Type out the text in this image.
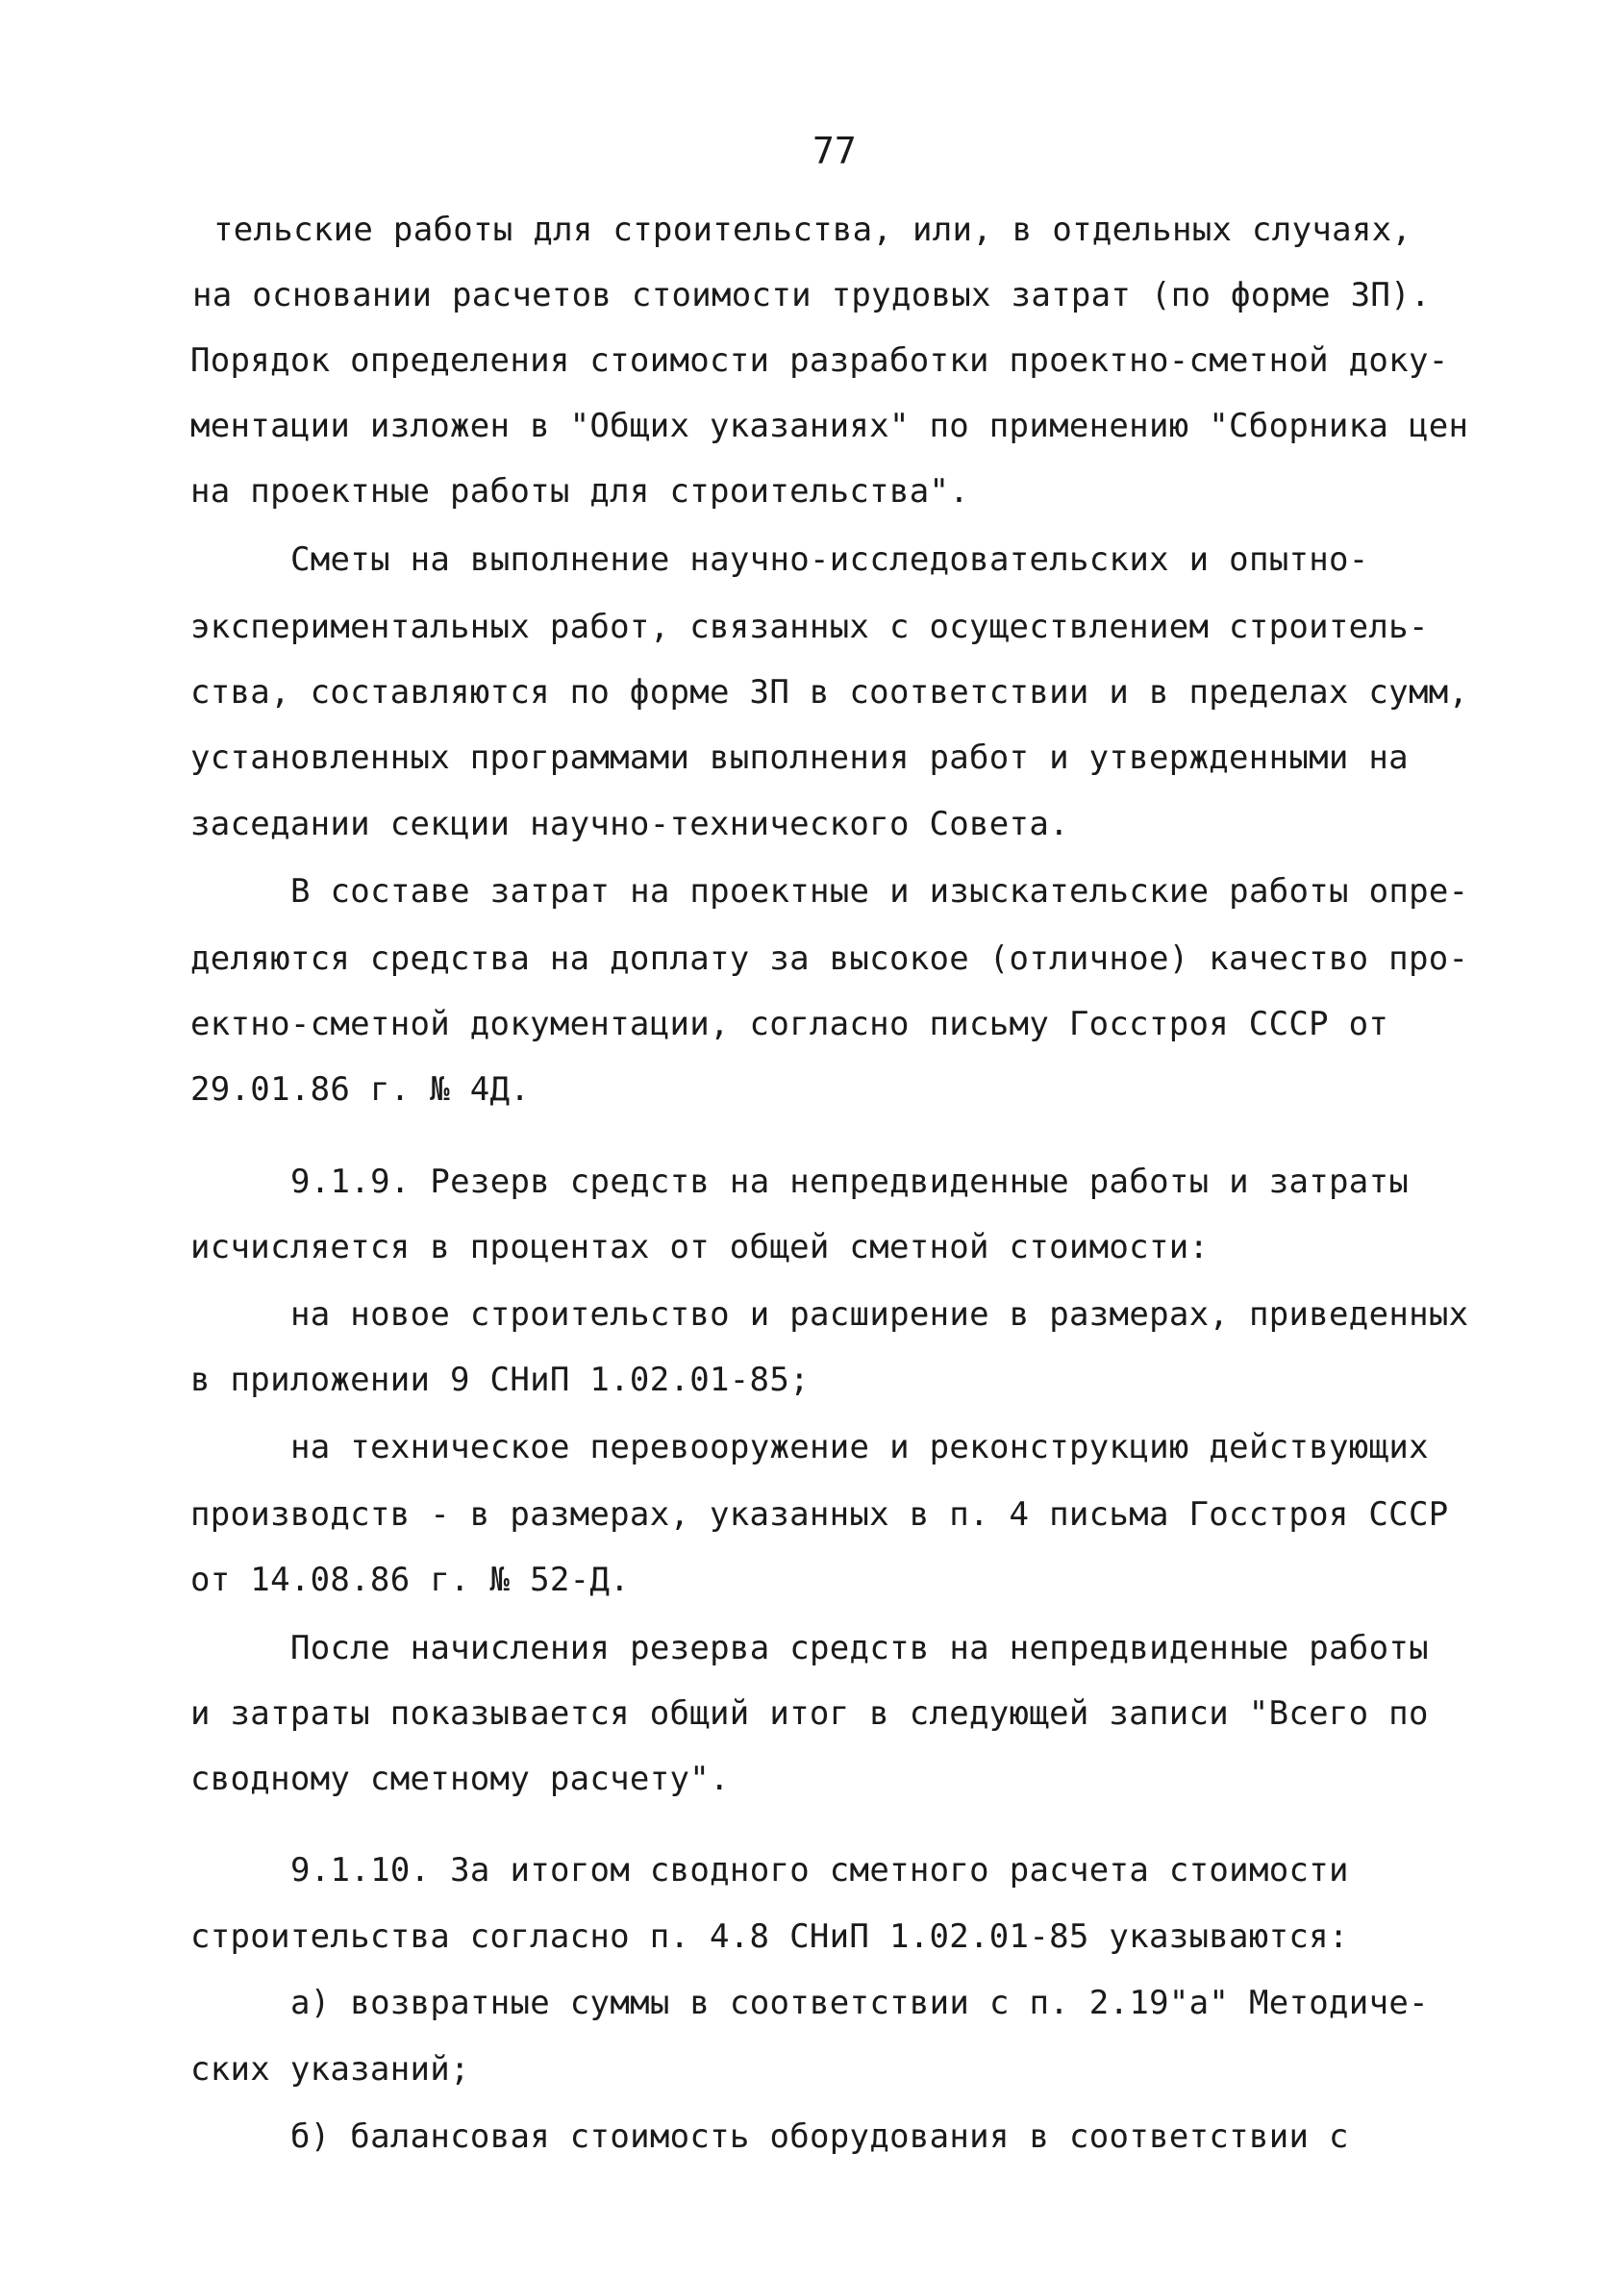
77
тельские работы для строительства, или, в отдельных случаях,
на основании расчетов стоимости трудовых затрат (по форме ЗП).
Порядок определения стоимости разработки проектно-сметной доку-
ментации изложен в "Общих указаниях" по применению "Сборника цен
на проектные работы для строительства".
Сметы на выполнение научно-исследовательских и опытно-
экспериментальных работ, связанных с осуществлением строитель-
ства, составляются по форме ЗП в соответствии и в пределах сумм,
установленных программами выполнения работ и утвержденными на
заседании секции научно-технического Совета.
В составе затрат на проектные и изыскательские работы опре-
деляются средства на доплату за высокое (отличное) качество про-
ектно-сметной документации, согласно письму Госстроя СССР от
29.01.86 г. № 4Д.
9.1.9. Резерв средств на непредвиденные работы и затраты
исчисляется в процентах от общей сметной стоимости:
на новое строительство и расширение в размерах, приведенных
в приложении 9 СНиП 1.02.01-85;
на техническое перевооружение и реконструкцию действующих
производств - в размерах, указанных в п. 4 письма Госстроя СССР
от 14.08.86 г. № 52-Д.
После начисления резерва средств на непредвиденные работы
и затраты показывается общий итог в следующей записи "Всего по
сводному сметному расчету".
9.1.10. За итогом сводного сметного расчета стоимости
строительства согласно п. 4.8 СНиП 1.02.01-85 указываются:
а) возвратные суммы в соответствии с п. 2.19"а" Методиче-
ских указаний;
б) балансовая стоимость оборудования в соответствии с
